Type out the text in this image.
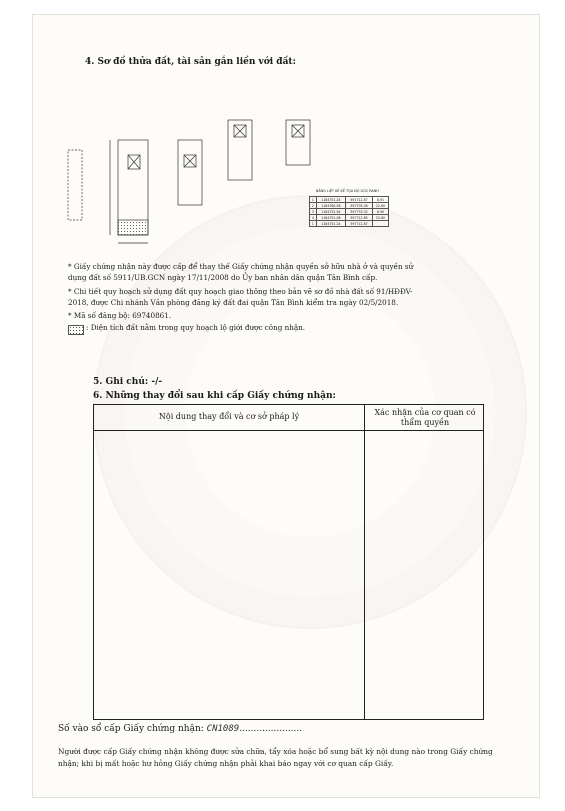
4. Sơ đồ thửa đất, tài sản gắn liền với đất:
BẢNG LIỆT KÊ KẾ TỌA ĐỘ GÓC RANH
1	1184751.24	597712.87	8.91
2	1184760.08	597705.46	22.80
3	1184752.94	597733.32	8.90
4	1184751.08	597712.85	22.80
1	1184751.24	597712.87	
* Giấy chứng nhận này được cấp để thay thế Giấy chứng nhận quyền sở hữu nhà ở và quyền sử dụng đất số 5911/UB.GCN ngày 17/11/2008 do Ủy ban nhân dân quận Tân Bình cấp.
* Chi tiết quy hoạch sử dụng đất quy hoạch giao thông theo bản vẽ sơ đồ nhà đất số 91/HĐĐV-2018, được Chi nhánh Văn phòng đăng ký đất đai quận Tân Bình kiểm tra ngày 02/5/2018.
* Mã số đăng bộ: 69740861.
: Diện tích đất nằm trong quy hoạch lộ giới được công nhận.
5. Ghi chú: -/-
6. Những thay đổi sau khi cấp Giấy chứng nhận:
Nội dung thay đổi và cơ sở pháp lý	Xác nhận của cơ quan có thẩm quyền
Số vào sổ cấp Giấy chứng nhận: CN1089......................
Người được cấp Giấy chứng nhận không được sửa chữa, tẩy xóa hoặc bổ sung bất kỳ nội dung nào trong Giấy chứng nhận; khi bị mất hoặc hư hỏng Giấy chứng nhận phải khai báo ngay với cơ quan cấp Giấy.
